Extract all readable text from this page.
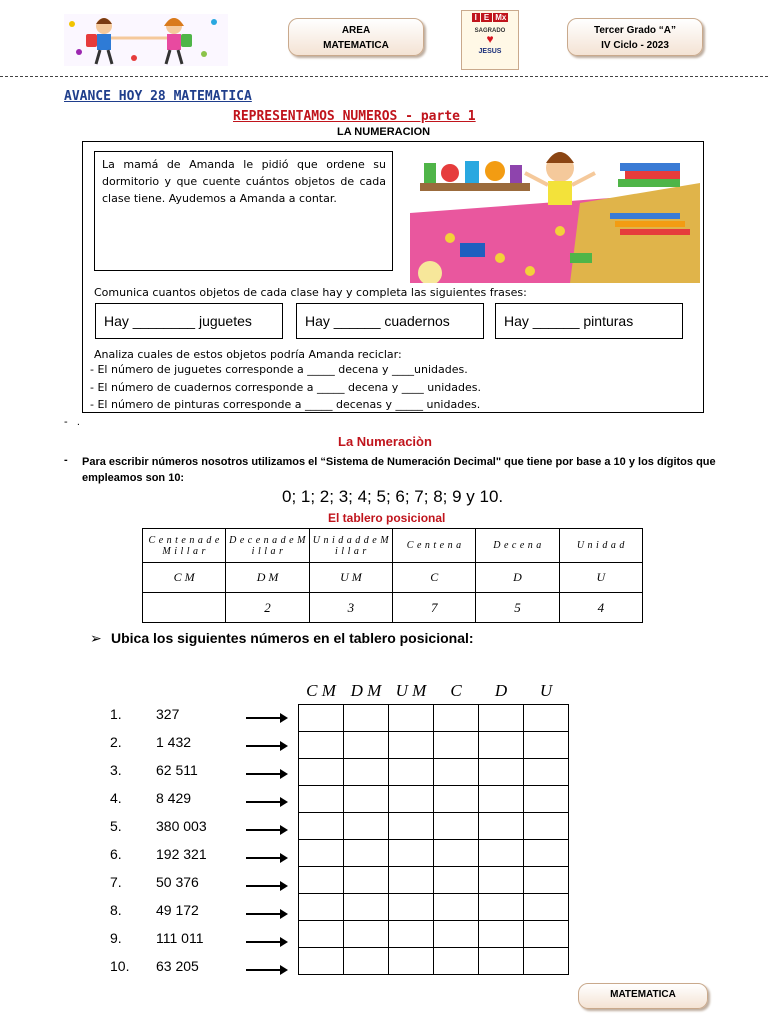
AREA
MATEMATICA
I E Mx
SAGRADO
♥
JESUS
Tercer Grado “A”
IV Ciclo - 2023
AVANCE HOY 28 MATEMATICA
REPRESENTAMOS NUMEROS - parte 1
LA NUMERACION
La mamá de Amanda le pidió que ordene su dormitorio y que cuente cuántos objetos de cada clase tiene. Ayudemos a Amanda a contar.
Comunica cuantos objetos de cada clase hay y completa las siguientes frases:
Hay ________ juguetes	Hay ______ cuadernos	Hay ______ pinturas
Analiza cuales de estos objetos podría Amanda reciclar:
- El número de juguetes corresponde a _____ decena y ____unidades.
- El número de cuadernos corresponde a _____ decena y ____ unidades.
- El número de pinturas corresponde a _____ decenas y _____ unidades.
-   .
La Numeraciòn
- Para escribir números nosotros utilizamos el “Sistema de Numeración Decimal" que tiene por base a 10 y los dígitos que empleamos son 10:
0; 1; 2; 3; 4; 5; 6; 7; 8; 9 y 10.
El tablero posicional
C e n t e n a d e M i l l a r	D e c e n a d e M i l l a r	U n i d a d d e M i l l a r	C e n t e n a	D e c e n a	U n i d a d
C M	D M	U M	C	D	U
	2	3	7	5	4
➢ Ubica los siguientes números en el tablero posicional:
1. 327
2. 1 432
3. 62 511
4. 8 429
5. 380 003
6. 192 321
7. 50 376
8. 49 172
9. 111 011
10. 63 205
C M	D M	U M	C	D	U

MATEMATICA
